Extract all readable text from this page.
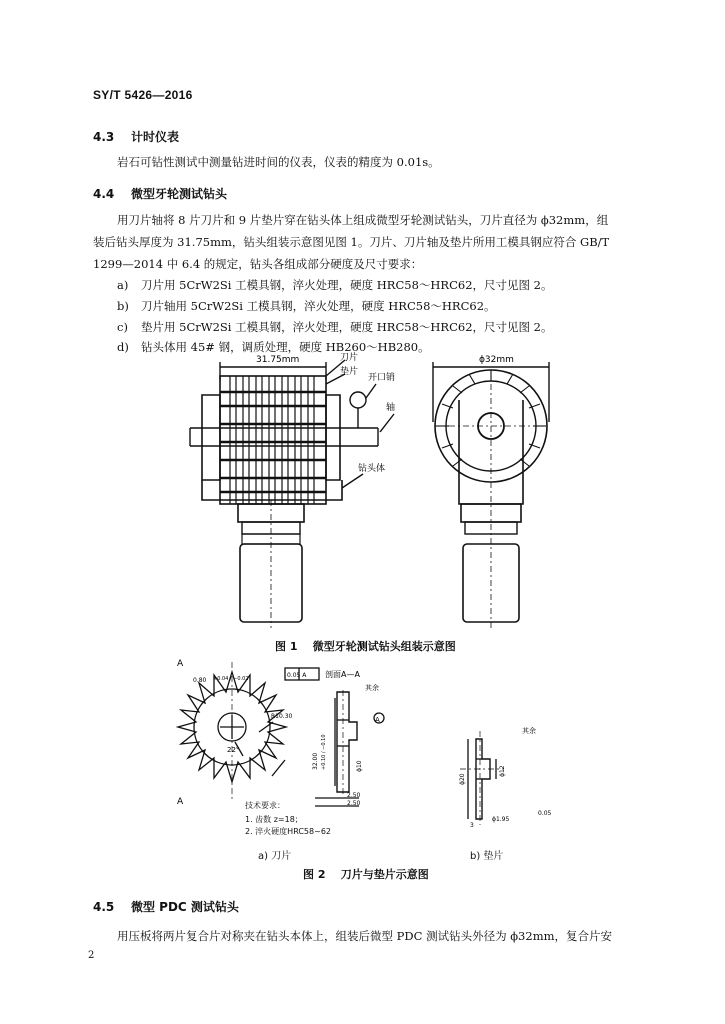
SY/T 5426—2016
4.3 计时仪表
岩石可钻性测试中测量钻进时间的仪表，仪表的精度为 0.01s。
4.4 微型牙轮测试钻头
用刀片轴将 8 片刀片和 9 片垫片穿在钻头体上组成微型牙轮测试钻头，刀片直径为 ϕ32mm，组
装后钻头厚度为 31.75mm，钻头组装示意图见图 1。刀片、刀片轴及垫片所用工模具钢应符合 GB/T
1299—2014 中 6.4 的规定，钻头各组成部分硬度及尺寸要求：
a) 刀片用 5CrW2Si 工模具钢，淬火处理，硬度 HRC58～HRC62，尺寸见图 2。
b) 刀片轴用 5CrW2Si 工模具钢，淬火处理，硬度 HRC58～HRC62。
c) 垫片用 5CrW2Si 工模具钢，淬火处理，硬度 HRC58～HRC62，尺寸见图 2。
d) 钻头体用 45# 钢，调质处理，硬度 HB260～HB280。
31.75mm	刀片
垫片
开口销
轴
钻头体
ϕ32mm
图 1    微型牙轮测试钻头组装示意图
A
0.80 +0.04 / −0.02
R10.30
22°
A
0.05 A 剖面A—A
其余
32.00 +0.10 / −0.10	ϕ10
A
2.50
2.50
技术要求：
1. 齿数 z=18；
2. 淬火硬度HRC58~62
a) 刀片
其余
ϕ20
ϕ12
ϕ1.95
0.05
3
b) 垫片
图 2    刀片与垫片示意图
4.5 微型 PDC 测试钻头
用压板将两片复合片对称夹在钻头本体上，组装后微型 PDC 测试钻头外径为 ϕ32mm，复合片安
2
